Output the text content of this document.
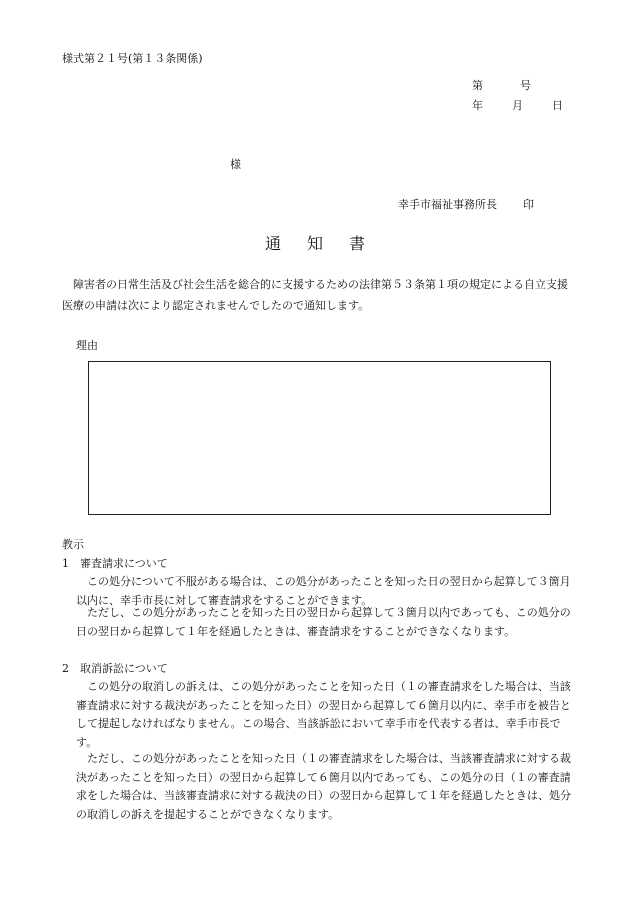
様式第２１号(第１３条関係)
第	号
年	月	日
様
幸手市福祉事務所長 印
通知書
障害者の日常生活及び社会生活を総合的に支援するための法律第５３条第１項の規定による自立支援医療の申請は次により認定されませんでしたので通知します。
理由
教示
1 審査請求について
この処分について不服がある場合は、この処分があったことを知った日の翌日から起算して３箇月以内に、幸手市長に対して審査請求をすることができます。
ただし、この処分があったことを知った日の翌日から起算して３箇月以内であっても、この処分の日の翌日から起算して１年を経過したときは、審査請求をすることができなくなります。
2 取消訴訟について
この処分の取消しの訴えは、この処分があったことを知った日（１の審査請求をした場合は、当該審査請求に対する裁決があったことを知った日）の翌日から起算して６箇月以内に、幸手市を被告として提起しなければなりません。この場合、当該訴訟において幸手市を代表する者は、幸手市長です。
ただし、この処分があったことを知った日（１の審査請求をした場合は、当該審査請求に対する裁決があったことを知った日）の翌日から起算して６箇月以内であっても、この処分の日（１の審査請求をした場合は、当該審査請求に対する裁決の日）の翌日から起算して１年を経過したときは、処分の取消しの訴えを提起することができなくなります。
